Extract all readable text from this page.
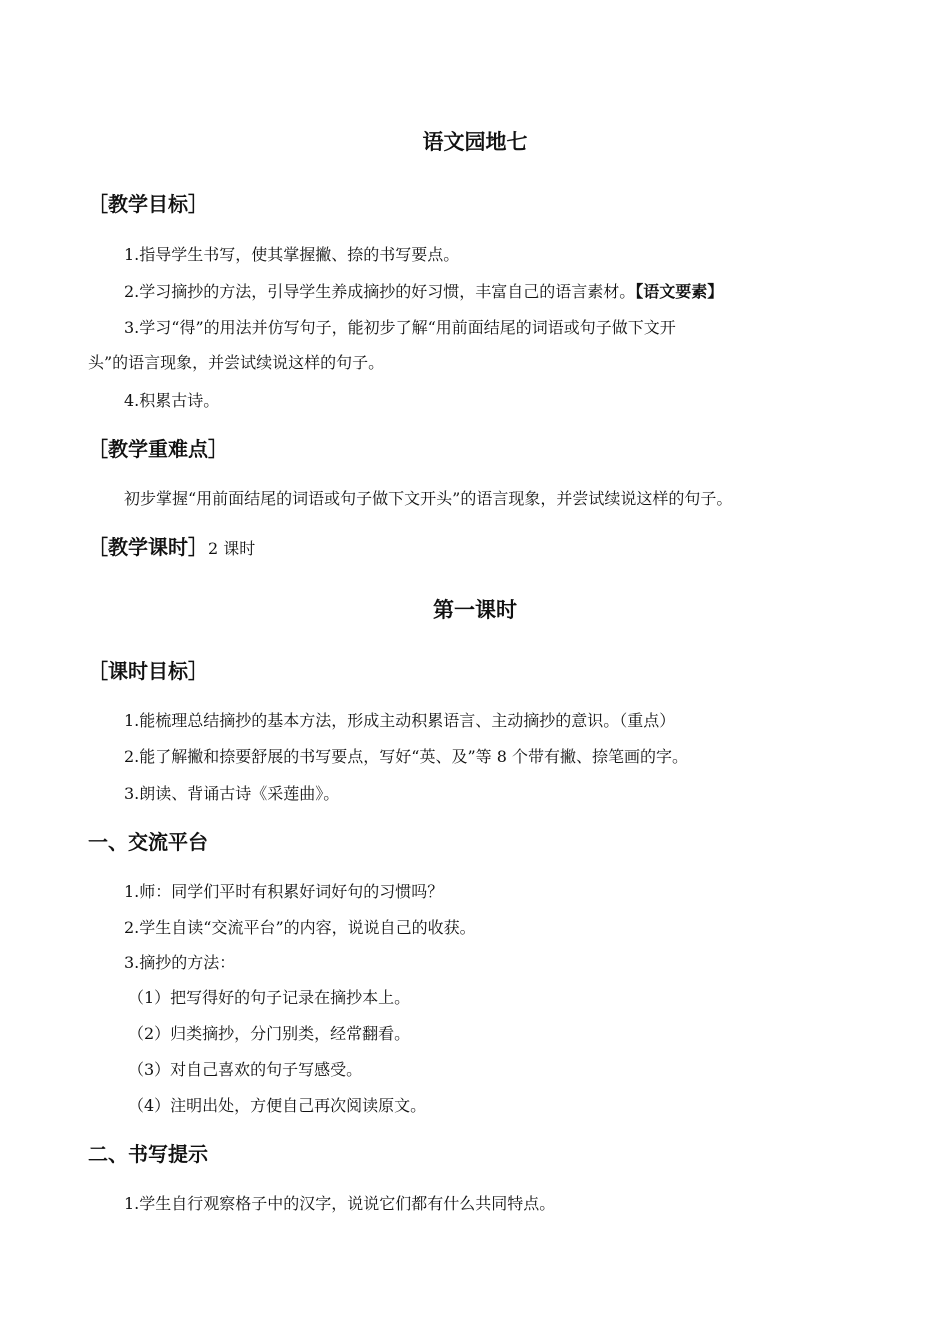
语文园地七
［教学目标］
1.指导学生书写，使其掌握撇、捺的书写要点。
2.学习摘抄的方法，引导学生养成摘抄的好习惯，丰富自己的语言素材。【语文要素】
3.学习“得”的用法并仿写句子，能初步了解“用前面结尾的词语或句子做下文开
头”的语言现象，并尝试续说这样的句子。
4.积累古诗。
［教学重难点］
初步掌握“用前面结尾的词语或句子做下文开头”的语言现象，并尝试续说这样的句子。
［教学课时］2 课时
第一课时
［课时目标］
1.能梳理总结摘抄的基本方法，形成主动积累语言、主动摘抄的意识。（重点）
2.能了解撇和捺要舒展的书写要点，写好“英、及”等 8 个带有撇、捺笔画的字。
3.朗读、背诵古诗《采莲曲》。
一、交流平台
1.师：同学们平时有积累好词好句的习惯吗？
2.学生自读“交流平台”的内容，说说自己的收获。
3.摘抄的方法：
（1）把写得好的句子记录在摘抄本上。
（2）归类摘抄，分门别类，经常翻看。
（3）对自己喜欢的句子写感受。
（4）注明出处，方便自己再次阅读原文。
二、书写提示
1.学生自行观察格子中的汉字，说说它们都有什么共同特点。
